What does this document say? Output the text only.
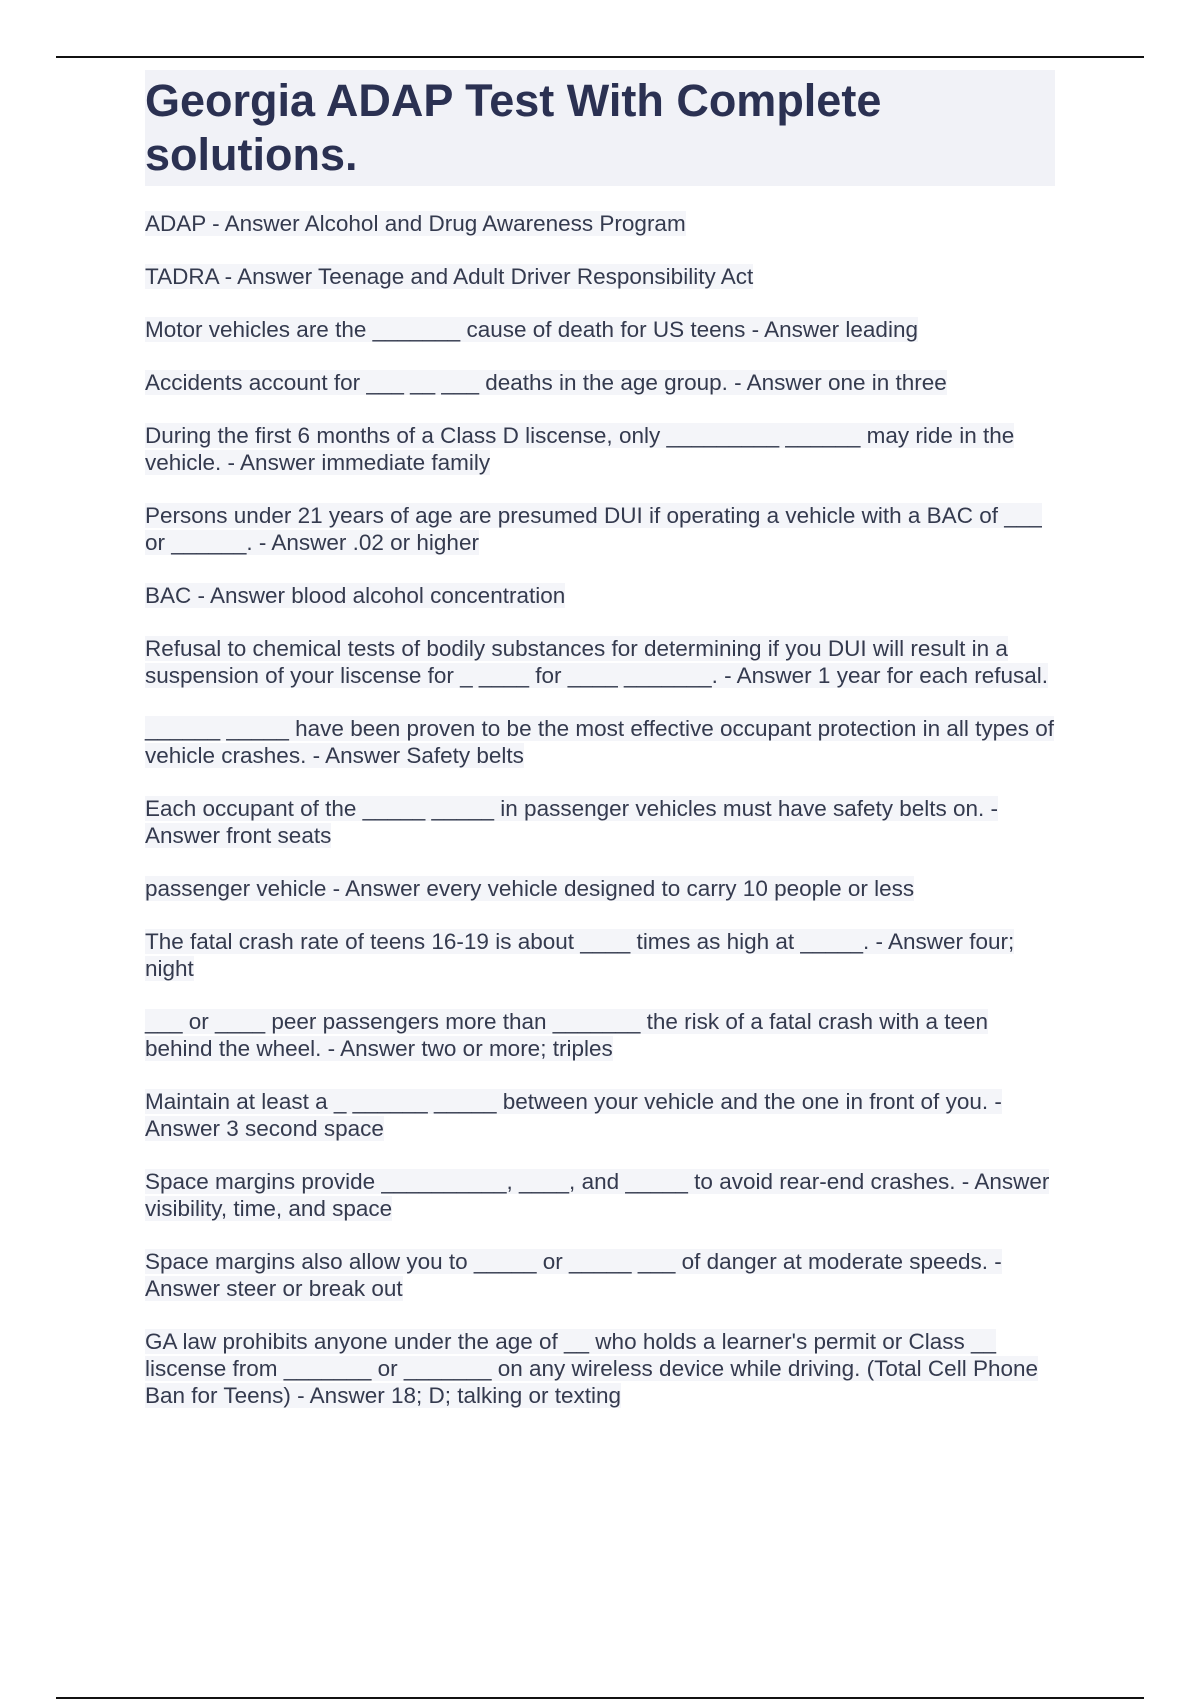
Georgia ADAP Test With Complete solutions.
ADAP - Answer Alcohol and Drug Awareness Program
TADRA - Answer Teenage and Adult Driver Responsibility Act
Motor vehicles are the _______ cause of death for US teens - Answer leading
Accidents account for ___ __ ___ deaths in the age group. - Answer one in three
During the first 6 months of a Class D liscense, only _________ ______ may ride in the vehicle. - Answer immediate family
Persons under 21 years of age are presumed DUI if operating a vehicle with a BAC of ___ or ______. - Answer .02 or higher
BAC - Answer blood alcohol concentration
Refusal to chemical tests of bodily substances for determining if you DUI will result in a suspension of your liscense for _ ____ for ____ _______. - Answer 1 year for each refusal.
______ _____ have been proven to be the most effective occupant protection in all types of vehicle crashes. - Answer Safety belts
Each occupant of the _____ _____ in passenger vehicles must have safety belts on. - Answer front seats
passenger vehicle - Answer every vehicle designed to carry 10 people or less
The fatal crash rate of teens 16-19 is about ____ times as high at _____. - Answer four; night
___ or ____ peer passengers more than _______ the risk of a fatal crash with a teen behind the wheel. - Answer two or more; triples
Maintain at least a _ ______ _____ between your vehicle and the one in front of you. - Answer 3 second space
Space margins provide __________, ____, and _____ to avoid rear-end crashes. - Answer visibility, time, and space
Space margins also allow you to _____ or _____ ___ of danger at moderate speeds. - Answer steer or break out
GA law prohibits anyone under the age of __ who holds a learner's permit or Class __ liscense from _______ or _______ on any wireless device while driving. (Total Cell Phone Ban for Teens) - Answer 18; D; talking or texting
